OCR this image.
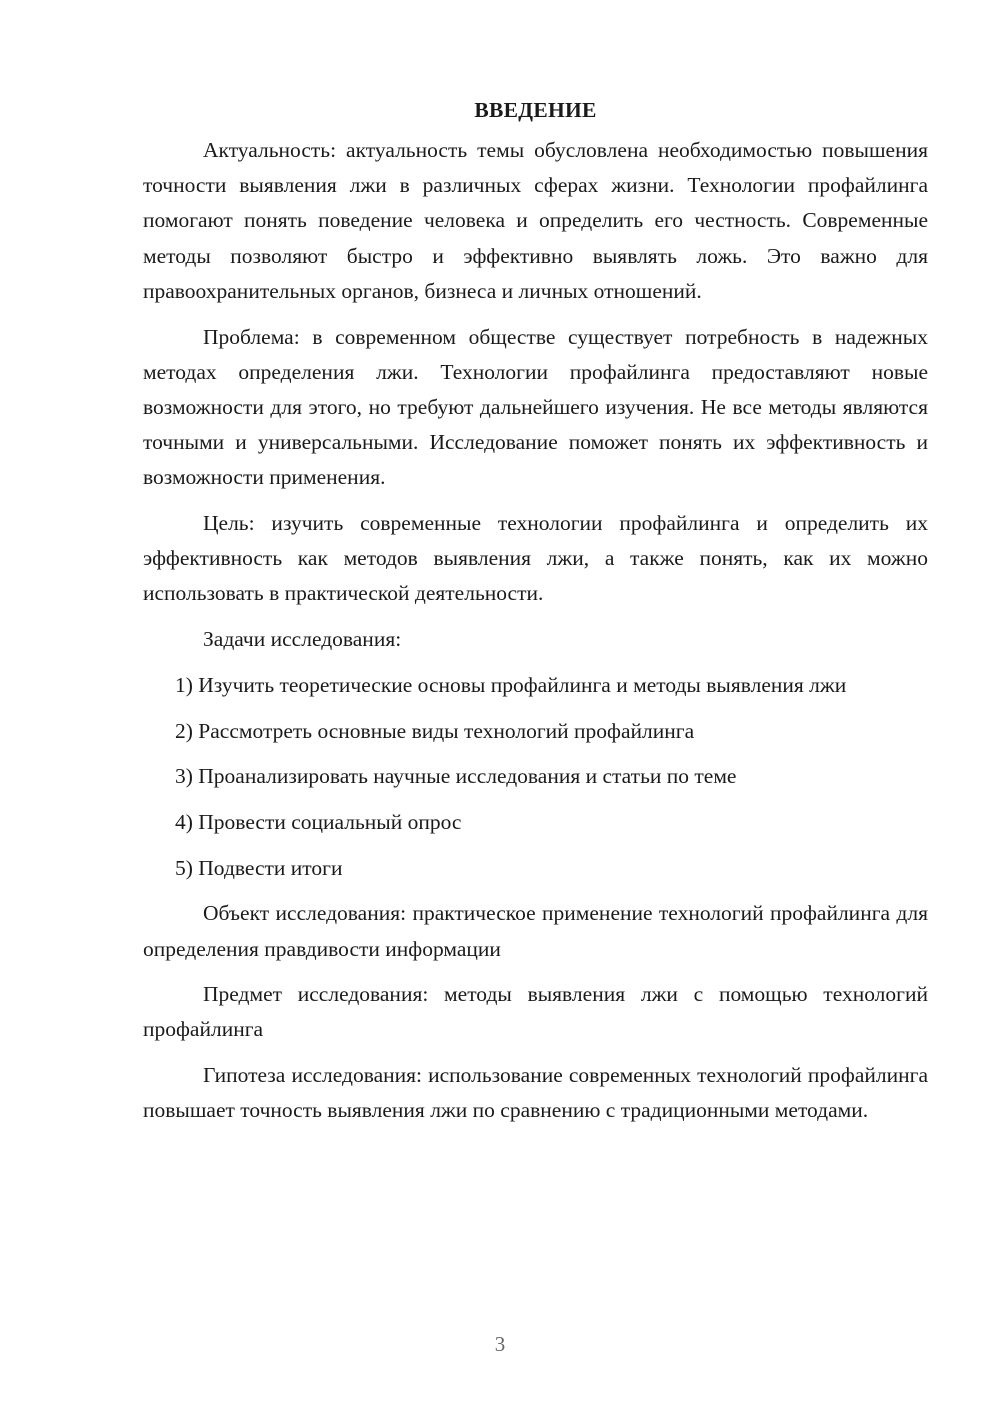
ВВЕДЕНИЕ

Актуальность: актуальность темы обусловлена необходимостью повышения точности выявления лжи в различных сферах жизни. Технологии профайлинга помогают понять поведение человека и определить его честность. Современные методы позволяют быстро и эффективно выявлять ложь. Это важно для правоохранительных органов, бизнеса и личных отношений.

Проблема: в современном обществе существует потребность в надежных методах определения лжи. Технологии профайлинга предоставляют новые возможности для этого, но требуют дальнейшего изучения. Не все методы являются точными и универсальными. Исследование поможет понять их эффективность и возможности применения.

Цель: изучить современные технологии профайлинга и определить их эффективность как методов выявления лжи, а также понять, как их можно использовать в практической деятельности.

Задачи исследования:

1) Изучить теоретические основы профайлинга и методы выявления лжи

2) Рассмотреть основные виды технологий профайлинга

3) Проанализировать научные исследования и статьи по теме

4) Провести социальный опрос

5) Подвести итоги

Объект исследования: практическое применение технологий профайлинга для определения правдивости информации

Предмет исследования: методы выявления лжи с помощью технологий профайлинга

Гипотеза исследования: использование современных технологий профайлинга повышает точность выявления лжи по сравнению с традиционными методами.

3
